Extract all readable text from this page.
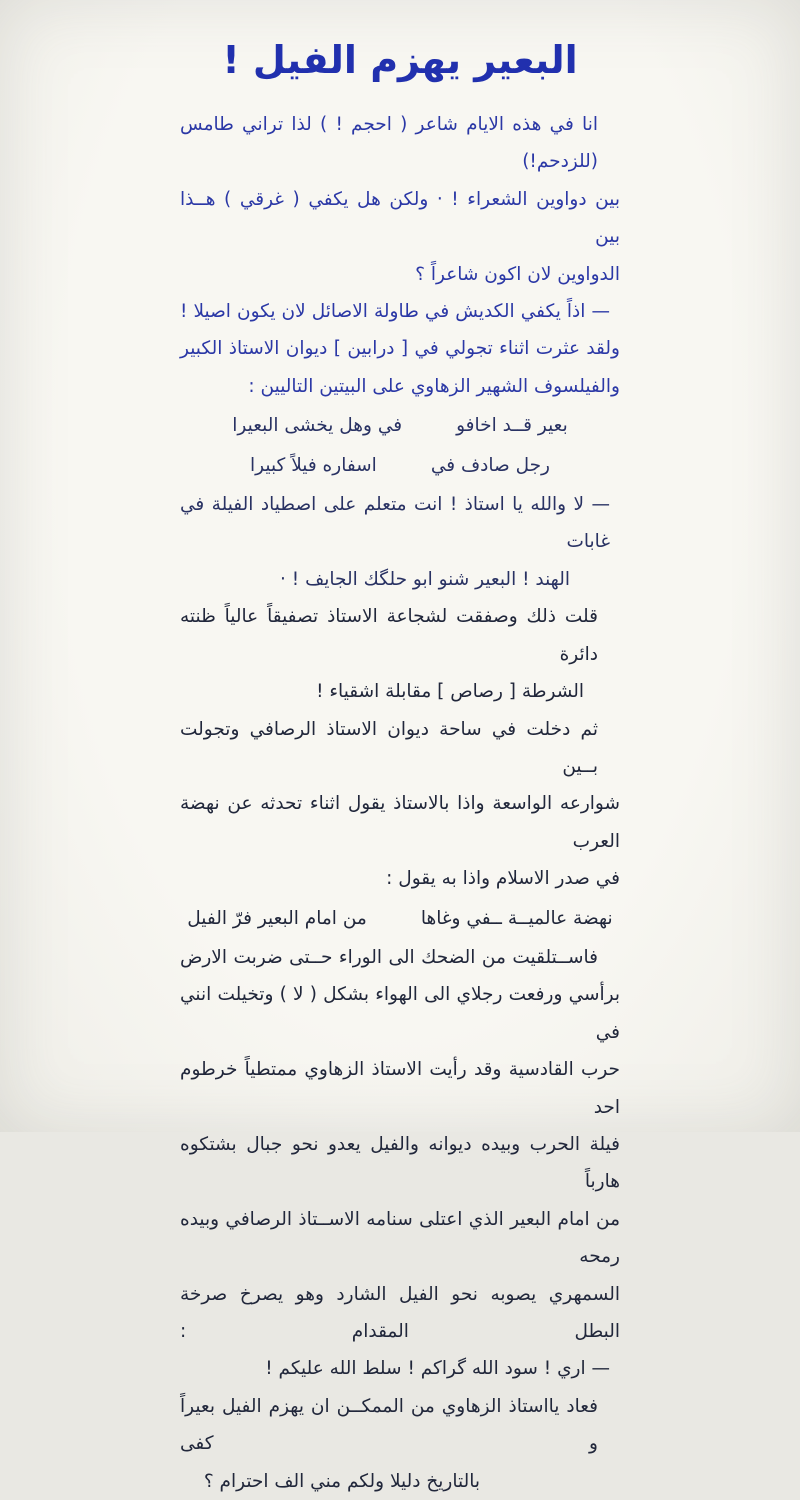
البعير يهزم الفيل !

انا في هذه الايام شاعر ( احجم ! ) لذا تراني طامس (للزدحم!)

بين دواوين الشعراء ! · ولكن هل يكفي ( غرقي ) هــذا بين

الدواوين لان اكون شاعراً ؟

— اذاً يكفي الكديش في طاولة الاصائل لان يكون اصيلا !

ولقد عثرت اثناء تجولي في [ درابين ] ديوان الاستاذ الكبير

والفيلسوف الشهير الزهاوي على البيتين التاليين :

بعير قــد اخافو
في وهل يخشى البعيرا
رجل صادف في
اسفاره فيلاً كبيرا

— لا والله يا استاذ ! انت متعلم على اصطياد الفيلة في غابات

الهند ! البعير شنو ابو حلگك الجايف ! ·

قلت ذلك وصفقت لشجاعة الاستاذ تصفيقاً عالياً ظنته دائرة

الشرطة [ رصاص ] مقابلة اشقياء !

ثم دخلت في ساحة ديوان الاستاذ الرصافي وتجولت بــين

شوارعه الواسعة واذا بالاستاذ يقول اثناء تحدثه عن نهضة العرب

في صدر الاسلام واذا به يقول :

نهضة عالميــة ــفي وغاها
من امام البعير فرّ الفيل

فاســتلقيت من الضحك الى الوراء حــتى ضربت الارض

برأسي ورفعت رجلاي الى الهواء بشكل ( لا ) وتخيلت انني في

حرب القادسية وقد رأيت الاستاذ الزهاوي ممتطياً خرطوم احد

فيلة الحرب وبيده ديوانه والفيل يعدو نحو جبال بشتكوه هارباً

من امام البعير الذي اعتلى سنامه الاســتاذ الرصافي وبيده رمحه

السمهري يصوبه نحو الفيل الشارد وهو يصرخ صرخة البطل المقدام :

— اري ! سود الله گراكم ! سلط الله عليكم !

فعاد يااستاذ الزهاوي من الممكــن ان يهزم الفيل بعيراً و كفى

بالتاريخ دليلا ولكم مني الف احترام ؟
